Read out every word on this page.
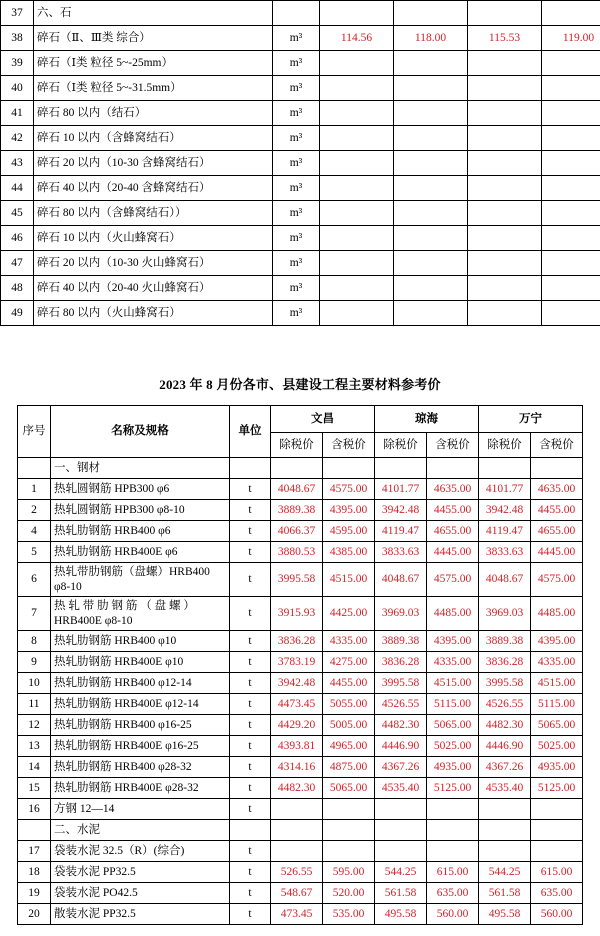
37	六、石					
38	碎石（Ⅱ、Ⅲ类 综合）	m³	114.56	118.00	115.53	119.00
39	碎石（Ⅰ类 粒径 5~-25mm）	m³				
40	碎石（Ⅰ类 粒径 5~-31.5mm）	m³				
41	碎石 80 以内（结石）	m³				
42	碎石 10 以内（含蜂窝结石）	m³				
43	碎石 20 以内（10-30 含蜂窝结石）	m³				
44	碎石 40 以内（20-40 含蜂窝结石）	m³				
45	碎石 80 以内（含蜂窝结石））	m³				
46	碎石 10 以内（火山蜂窝石）	m³				
47	碎石 20 以内（10-30 火山蜂窝石）	m³				
48	碎石 40 以内（20-40 火山蜂窝石）	m³				
49	碎石 80 以内（火山蜂窝石）	m³				
2023 年 8 月份各市、县建设工程主要材料参考价
序号	名称及规格	单位	文昌		琼海		万宁	
			除税价	含税价	除税价	含税价	除税价	含税价
	一、钢材							
1	热轧圆钢筋 HPB300 φ6	t	4048.67	4575.00	4101.77	4635.00	4101.77	4635.00
2	热轧圆钢筋 HPB300 φ8-10	t	3889.38	4395.00	3942.48	4455.00	3942.48	4455.00
4	热轧肋钢筋 HRB400 φ6	t	4066.37	4595.00	4119.47	4655.00	4119.47	4655.00
5	热轧肋钢筋 HRB400E φ6	t	3880.53	4385.00	3833.63	4445.00	3833.63	4445.00
6	热轧带肋钢筋（盘螺）HRB400 φ8-10	t	3995.58	4515.00	4048.67	4575.00	4048.67	4575.00
7	热 轧 带 肋 钢 筋 （ 盘 螺 ） HRB400E φ8-10	t	3915.93	4425.00	3969.03	4485.00	3969.03	4485.00
8	热轧肋钢筋 HRB400 φ10	t	3836.28	4335.00	3889.38	4395.00	3889.38	4395.00
9	热轧肋钢筋 HRB400E φ10	t	3783.19	4275.00	3836.28	4335.00	3836.28	4335.00
10	热轧肋钢筋 HRB400 φ12-14	t	3942.48	4455.00	3995.58	4515.00	3995.58	4515.00
11	热轧肋钢筋 HRB400E φ12-14	t	4473.45	5055.00	4526.55	5115.00	4526.55	5115.00
12	热轧肋钢筋 HRB400 φ16-25	t	4429.20	5005.00	4482.30	5065.00	4482.30	5065.00
13	热轧肋钢筋 HRB400E φ16-25	t	4393.81	4965.00	4446.90	5025.00	4446.90	5025.00
14	热轧肋钢筋 HRB400 φ28-32	t	4314.16	4875.00	4367.26	4935.00	4367.26	4935.00
15	热轧肋钢筋 HRB400E φ28-32	t	4482.30	5065.00	4535.40	5125.00	4535.40	5125.00
16	方钢 12—14	t						
	二、水泥							
17	袋装水泥 32.5（R）(综合)	t						
18	袋装水泥 PP32.5	t	526.55	595.00	544.25	615.00	544.25	615.00
19	袋装水泥 PO42.5	t	548.67	520.00	561.58	635.00	561.58	635.00
20	散装水泥 PP32.5	t	473.45	535.00	495.58	560.00	495.58	560.00
